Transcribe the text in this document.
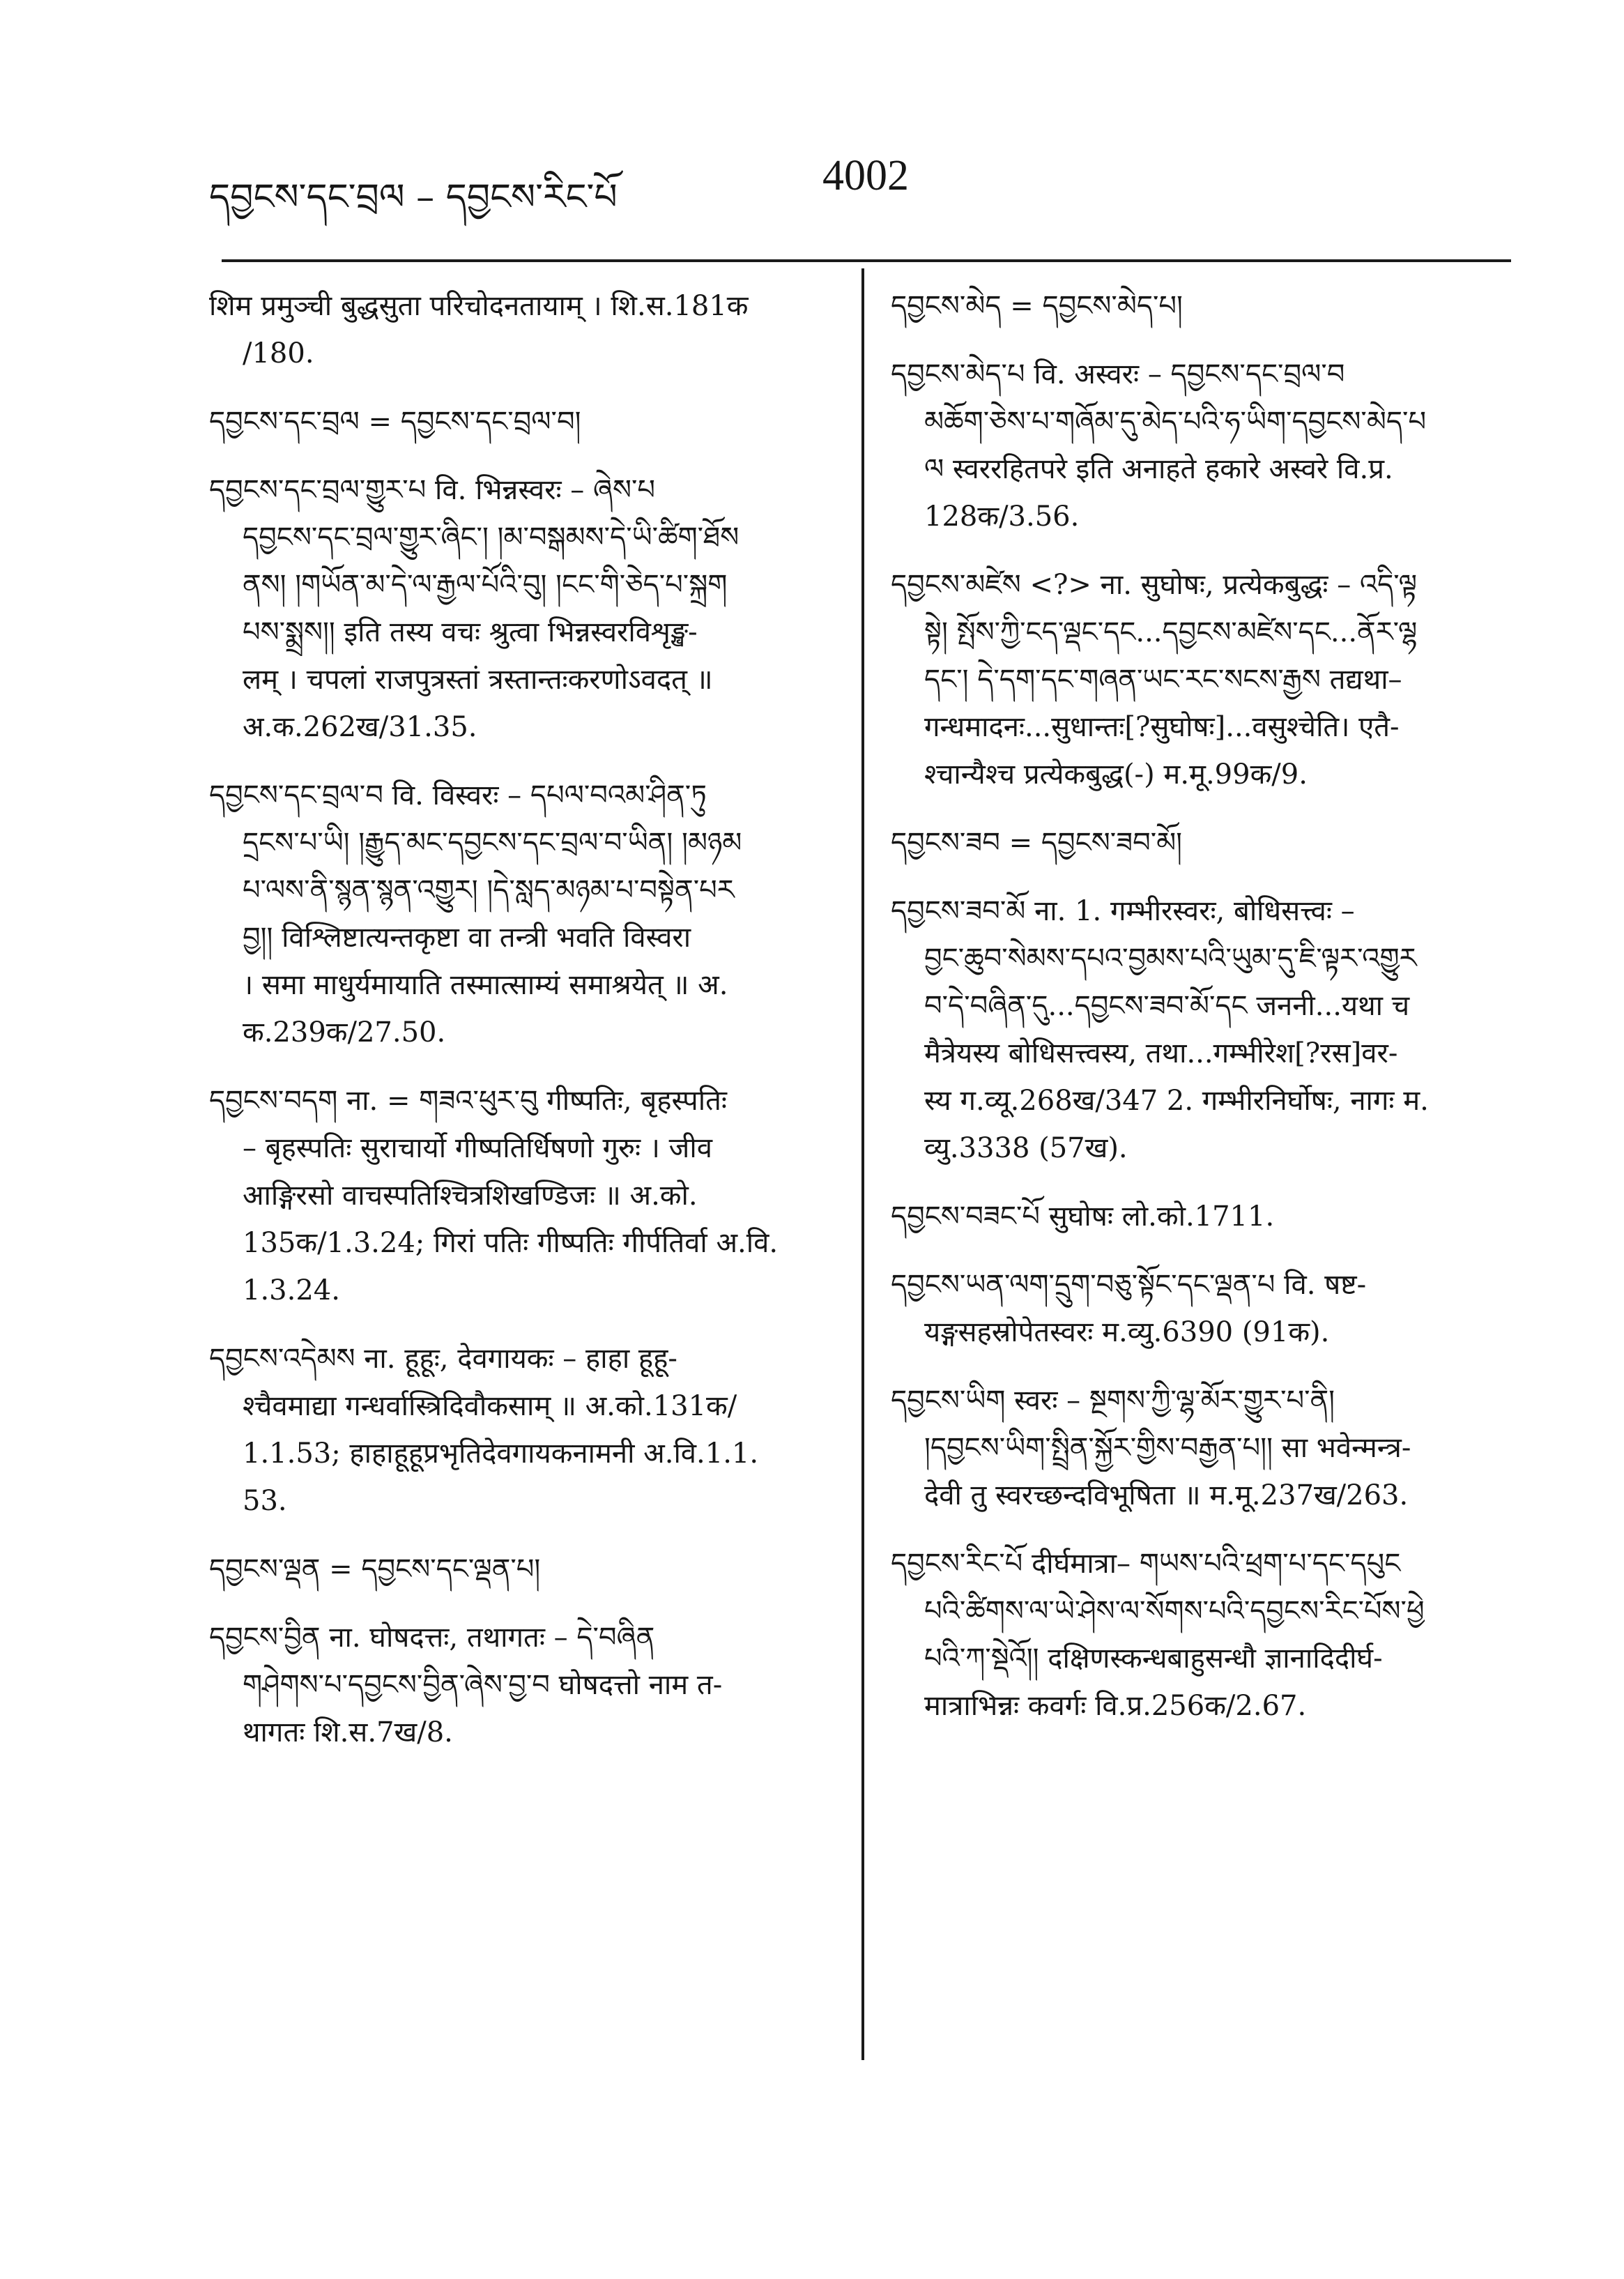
དབྱངས་དང་བྲལ – དབྱངས་རིང་པོ	4002
शिम प्रमुञ्ची बुद्धसुता परिचोदनतायाम् । शि.स.181क
/180.
དབྱངས་དང་བྲལ = དབྱངས་དང་བྲལ་བ།
དབྱངས་དང་བྲལ་གྱུར་པ वि. भिन्नस्वरः – ཞེས་པ
དབྱངས་དང་བྲལ་གྱུར་ཞིང་། །མ་བསྒམས་དེ་ཡི་ཚིག་ཐོས
ནས། །གཡོན་མ་དེ་ལ་རྒྱལ་པོའི་བུ། །ངང་གི་ཅེད་པ་སྐྲག
པས་སྨྲས།། इति तस्य वचः श्रुत्वा भिन्नस्वरविशृङ्ख-
लम् । चपलां राजपुत्रस्तां त्रस्तान्तःकरणोऽवदत् ॥
अ.क.262ख/31.35.
དབྱངས་དང་བྲལ་བ वि. विस्वरः – དཔལ་བའམ་ཤིན་ཏུ
དྲངས་པ་ཡི། །རྒྱུད་མང་དབྱངས་དང་བྲལ་བ་ཡིན། །མཉམ
པ་ལས་ནི་སྙན་སྙན་འགྱུར། །དེ་སླད་མཉམ་པ་བསྟེན་པར
བྱ།། विश्लिष्टात्यन्तकृष्टा वा तन्त्री भवति विस्वरा
। समा माधुर्यमायाति तस्मात्साम्यं समाश्रयेत् ॥ अ.
क.239क/27.50.
དབྱངས་བདག ना. = གཟའ་ཕུར་བུ गीष्पतिः, बृहस्पतिः
– बृहस्पतिः सुराचार्यो गीष्पतिर्धिषणो गुरुः । जीव
आङ्गिरसो वाचस्पतिश्चित्रशिखण्डिजः ॥ अ.को.
135क/1.3.24; गिरां पतिः गीष्पतिः गीर्पतिर्वा अ.वि.
1.3.24.
དབྱངས་འདེམས ना. हूहूः, देवगायकः – हाहा हूहू-
श्चैवमाद्या गन्धर्वास्त्रिदिवौकसाम् ॥ अ.को.131क/
1.1.53; हाहाहूहूप्रभृतिदेवगायकनामनी अ.वि.1.1.
53.
དབྱངས་ལྡན = དབྱངས་དང་ལྡན་པ།
དབྱངས་བྱིན ना. घोषदत्तः, तथागतः – དེ་བཞིན
གཤེགས་པ་དབྱངས་བྱིན་ཞེས་བྱ་བ घोषदत्तो नाम त-
थागतः शि.स.7ख/8.
དབྱངས་མེད = དབྱངས་མེད་པ།
དབྱངས་མེད་པ वि. अस्वरः – དབྱངས་དང་བྲལ་བ
མཆོག་ཅེས་པ་གཞོམ་དུ་མེད་པའི་ཧ་ཡིག་དབྱངས་མེད་པ
ལ स्वररहितपरे इति अनाहते हकारे अस्वरे वि.प्र.
128क/3.56.
དབྱངས་མཛེས <?> ना. सुघोषः, प्रत्येकबुद्धः – འདི་ལྟ
སྟེ། སྤོས་ཀྱི་ངད་ལྡང་དང...དབྱངས་མཛེས་དང...ནོར་ལྷ
དང་། དེ་དག་དང་གཞན་ཡང་རང་སངས་རྒྱས तद्यथा–
गन्धमादनः...सुधान्तः[?सुघोषः]...वसुश्चेति। एतै-
श्चान्यैश्च प्रत्येकबुद्ध(-) म.मू.99क/9.
དབྱངས་ཟབ = དབྱངས་ཟབ་མོ།
དབྱངས་ཟབ་མོ ना. 1. गम्भीरस्वरः, बोधिसत्त्वः –
བྱང་ཆུབ་སེམས་དཔའ་བྱམས་པའི་ཡུམ་དུ་ཇི་ལྟར་འགྱུར
བ་དེ་བཞིན་དུ...དབྱངས་ཟབ་མོ་དང जननी...यथा च
मैत्रेयस्य बोधिसत्त्वस्य, तथा...गम्भीरेश[?रस]वर-
स्य ग.व्यू.268ख/347 2. गम्भीरनिर्घोषः, नागः म.
व्यु.3338 (57ख).
དབྱངས་བཟང་པོ सुघोषः लो.को.1711.
དབྱངས་ཡན་ལག་དྲུག་བཅུ་སྟོང་དང་ལྡན་པ वि. षष्ट-
यङ्गसहस्रोपेतस्वरः म.व्यु.6390 (91क).
དབྱངས་ཡིག स्वरः – སྔགས་ཀྱི་ལྷ་མོར་གྱུར་པ་ནི།
།དབྱངས་ཡིག་སྤྲིན་སྐྱོར་གྱིས་བརྒྱན་པ།། सा भवेन्मन्त्र-
देवी तु स्वरच्छन्दविभूषिता ॥ म.मू.237ख/263.
དབྱངས་རིང་པོ दीर्घमात्रा– གཡས་པའི་ཕྲག་པ་དང་དཔུང
པའི་ཚིགས་ལ་ཡེ་ཤེས་ལ་སོགས་པའི་དབྱངས་རིང་པོས་ཕྱེ
པའི་ཀ་སྡེའོ།། दक्षिणस्कन्धबाहुसन्धौ ज्ञानादिदीर्घ-
मात्राभिन्नः कवर्गः वि.प्र.256क/2.67.
